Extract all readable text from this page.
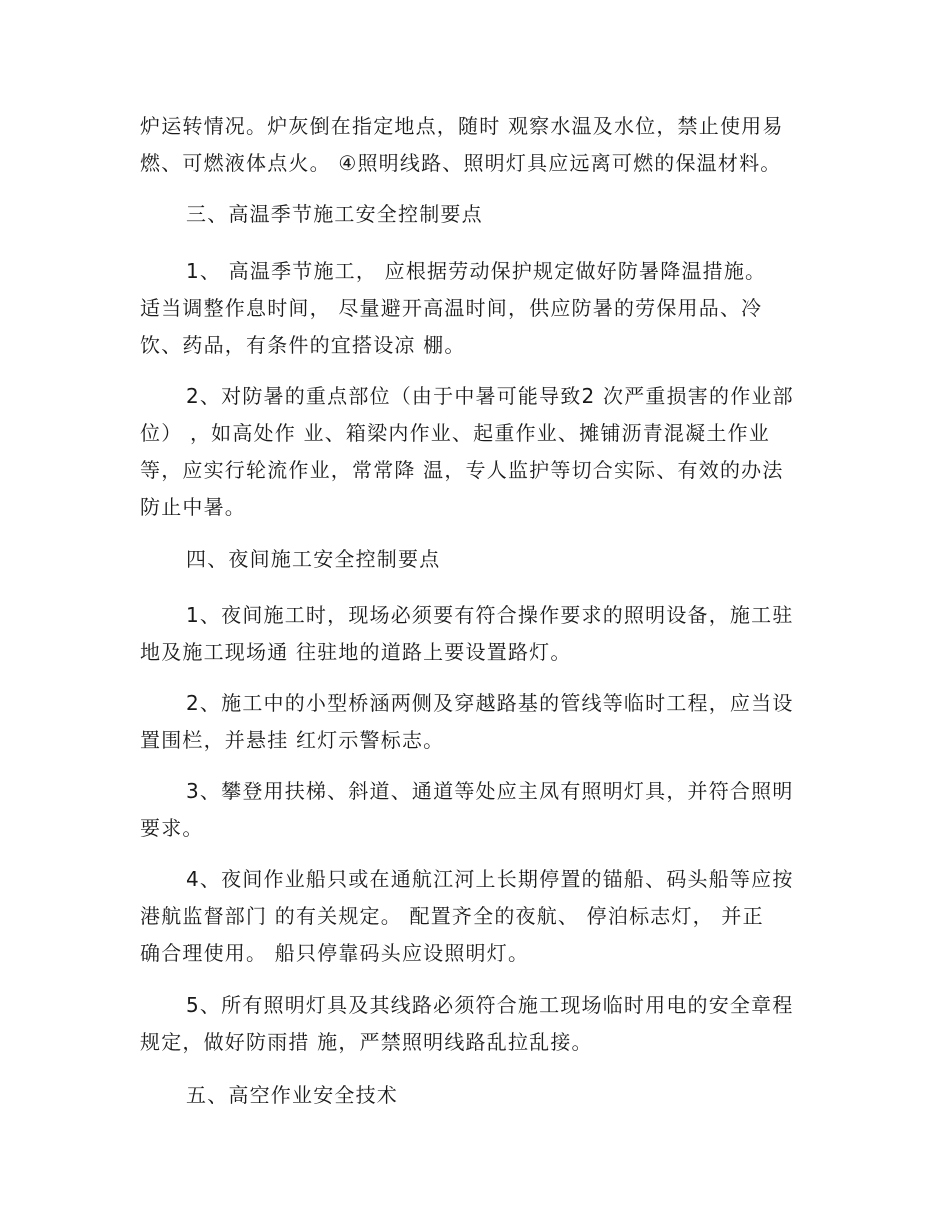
炉运转情况。炉灰倒在指定地点，随时 观察水温及水位，禁止使用易
燃、可燃液体点火。 ④照明线路、照明灯具应远离可燃的保温材料。
三、高温季节施工安全控制要点
1、 高温季节施工， 应根据劳动保护规定做好防暑降温措施。
适当调整作息时间， 尽量避开高温时间，供应防暑的劳保用品、冷
饮、药品，有条件的宜搭设凉 棚。
2、对防暑的重点部位（由于中暑可能导致2 次严重损害的作业部
位） ，如高处作 业、箱梁内作业、起重作业、摊铺沥青混凝土作业
等，应实行轮流作业，常常降 温，专人监护等切合实际、有效的办法
防止中暑。
四、夜间施工安全控制要点
1、夜间施工时，现场必须要有符合操作要求的照明设备，施工驻
地及施工现场通 往驻地的道路上要设置路灯。
2、施工中的小型桥涵两侧及穿越路基的管线等临时工程，应当设
置围栏，并悬挂 红灯示警标志。
3、攀登用扶梯、斜道、通道等处应主凤有照明灯具，并符合照明
要求。
4、夜间作业船只或在通航江河上长期停置的锚船、码头船等应按
港航监督部门 的有关规定。 配置齐全的夜航、 停泊标志灯， 并正
确合理使用。 船只停靠码头应设照明灯。
5、所有照明灯具及其线路必须符合施工现场临时用电的安全章程
规定，做好防雨措 施，严禁照明线路乱拉乱接。
五、高空作业安全技术
